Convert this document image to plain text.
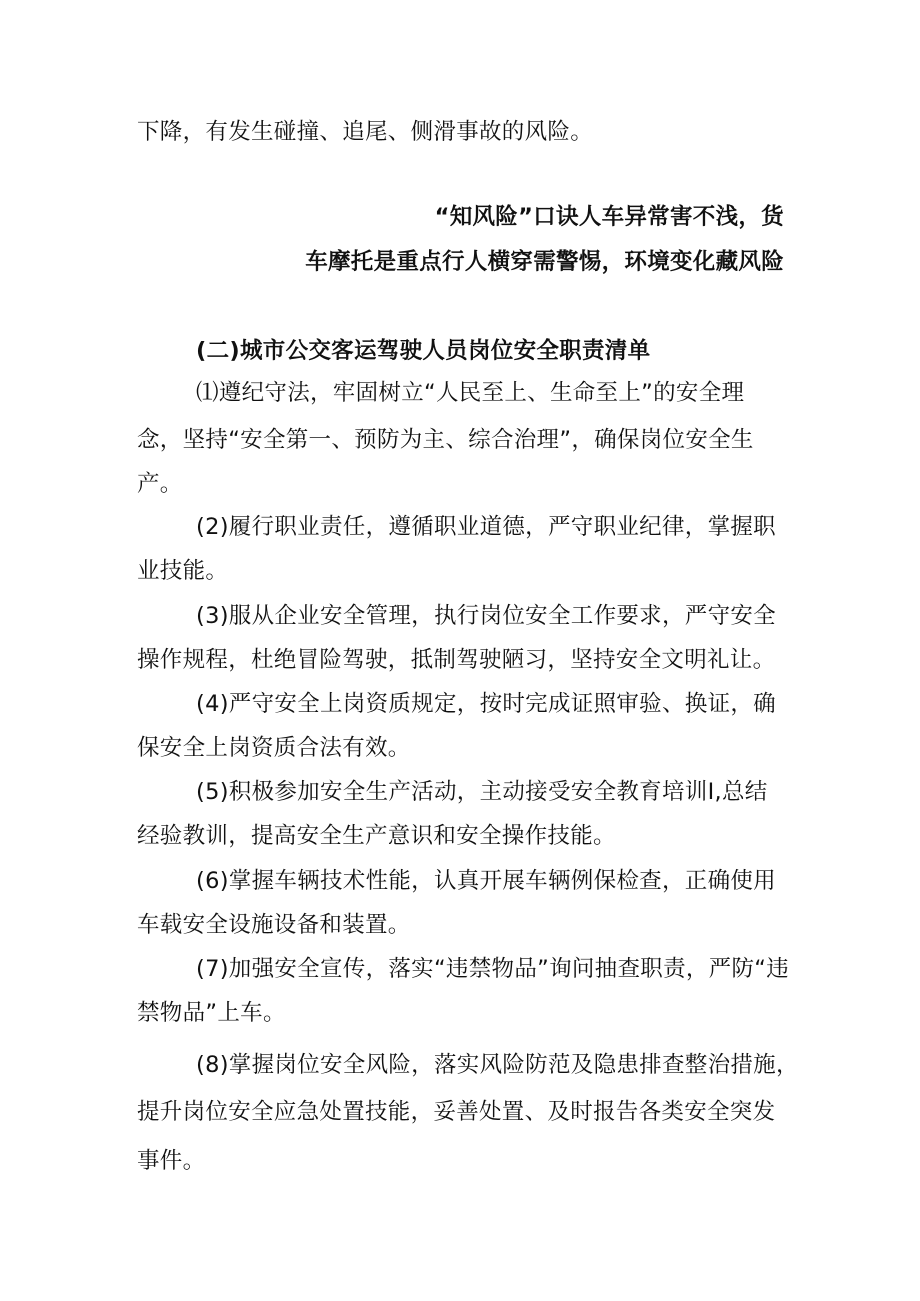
下降，有发生碰撞、追尾、侧滑事故的风险。
“知风险”口诀人车异常害不浅，货
车摩托是重点行人横穿需警惕，环境变化藏风险
(二)城市公交客运驾驶人员岗位安全职责清单
⑴遵纪守法，牢固树立“人民至上、生命至上”的安全理
念，坚持“安全第一、预防为主、综合治理”，确保岗位安全生
产。
(2)履行职业责任，遵循职业道德，严守职业纪律，掌握职
业技能。
(3)服从企业安全管理，执行岗位安全工作要求，严守安全
操作规程，杜绝冒险驾驶，抵制驾驶陋习，坚持安全文明礼让。
(4)严守安全上岗资质规定，按时完成证照审验、换证，确
保安全上岗资质合法有效。
(5)积极参加安全生产活动，主动接受安全教育培训I,总结
经验教训，提高安全生产意识和安全操作技能。
(6)掌握车辆技术性能，认真开展车辆例保检查，正确使用
车载安全设施设备和装置。
(7)加强安全宣传，落实“违禁物品”询问抽查职责，严防“违
禁物品”上车。
(8)掌握岗位安全风险，落实风险防范及隐患排查整治措施，
提升岗位安全应急处置技能，妥善处置、及时报告各类安全突发
事件。
